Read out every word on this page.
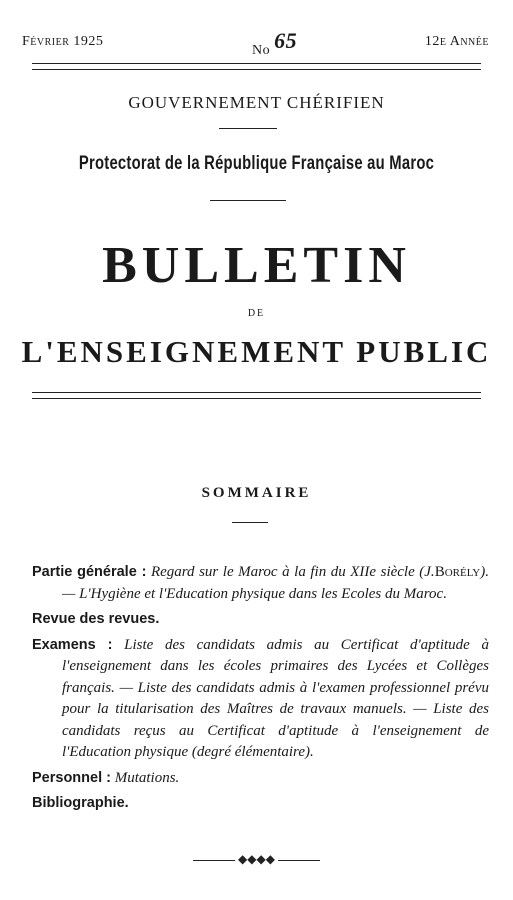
Février 1925
No 65	12e Année
GOUVERNEMENT CHÉRIFIEN
Protectorat de la République Française au Maroc
BULLETIN
DE
L'ENSEIGNEMENT PUBLIC
SOMMAIRE

Partie générale : Regard sur le Maroc à la fin du XIIe siècle (J.Borély). — L'Hygiène et l'Education physique dans les Ecoles du Maroc.

Revue des revues.

Examens : Liste des candidats admis au Certificat d'aptitude à l'enseignement dans les écoles primaires des Lycées et Collèges français. — Liste des candidats admis à l'examen professionnel prévu pour la titularisation des Maîtres de travaux manuels. — Liste des candidats reçus au Certificat d'aptitude à l'enseignement de l'Education physique (degré élémentaire).

Personnel : Mutations.

Bibliographie.

◆◆◆◆
